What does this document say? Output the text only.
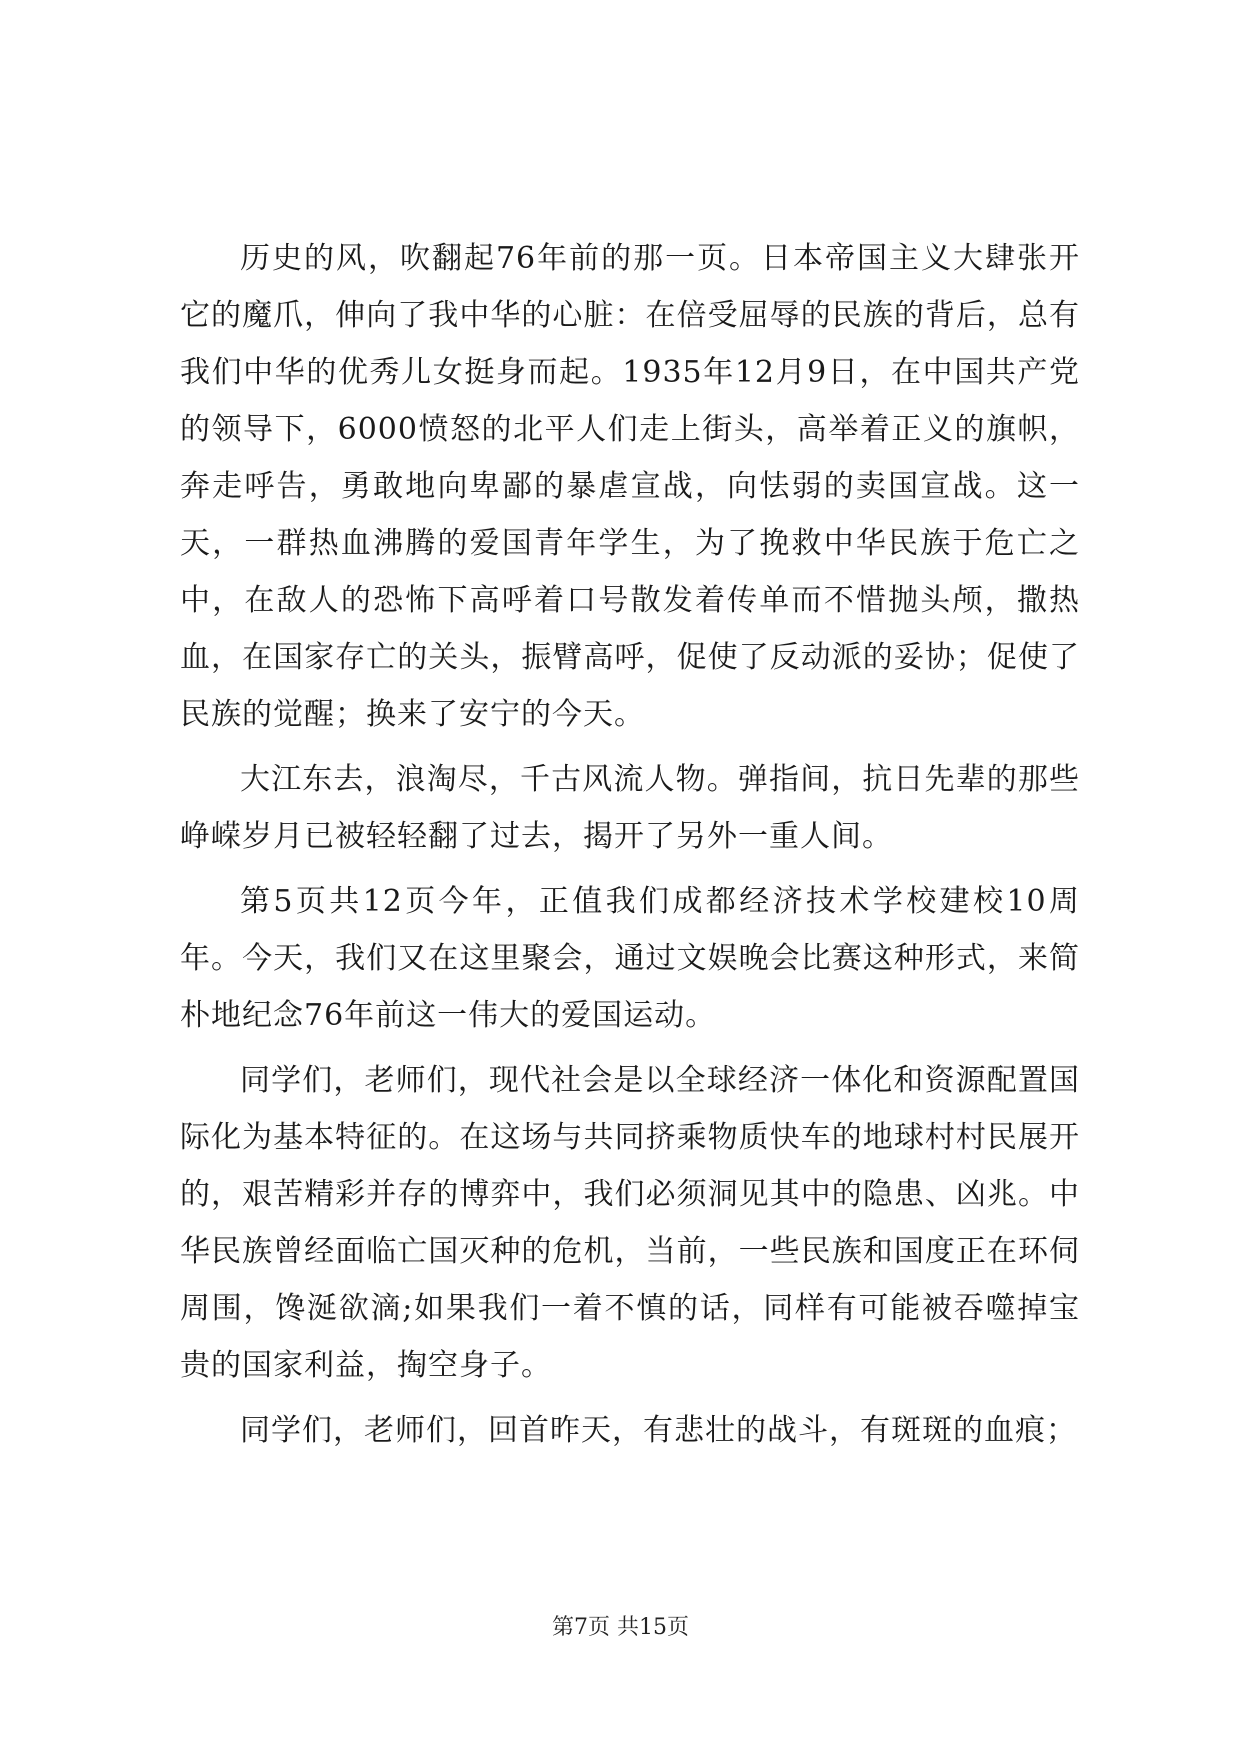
历史的风，吹翻起76年前的那一页。日本帝国主义大肆张开它的魔爪，伸向了我中华的心脏：在倍受屈辱的民族的背后，总有我们中华的优秀儿女挺身而起。1935年12月9日，在中国共产党的领导下，6000愤怒的北平人们走上街头，高举着正义的旗帜，奔走呼告，勇敢地向卑鄙的暴虐宣战，向怯弱的卖国宣战。这一天，一群热血沸腾的爱国青年学生，为了挽救中华民族于危亡之中，在敌人的恐怖下高呼着口号散发着传单而不惜抛头颅，撒热血，在国家存亡的关头，振臂高呼，促使了反动派的妥协；促使了民族的觉醒；换来了安宁的今天。

大江东去，浪淘尽，千古风流人物。弹指间，抗日先辈的那些峥嵘岁月已被轻轻翻了过去，揭开了另外一重人间。

第5页共12页今年，正值我们成都经济技术学校建校10周年。今天，我们又在这里聚会，通过文娱晚会比赛这种形式，来简朴地纪念76年前这一伟大的爱国运动。

同学们，老师们，现代社会是以全球经济一体化和资源配置国际化为基本特征的。在这场与共同挤乘物质快车的地球村村民展开的，艰苦精彩并存的博弈中，我们必须洞见其中的隐患、凶兆。中华民族曾经面临亡国灭种的危机，当前，一些民族和国度正在环伺周围，馋涎欲滴;如果我们一着不慎的话，同样有可能被吞噬掉宝贵的国家利益，掏空身子。

同学们，老师们，回首昨天，有悲壮的战斗，有斑斑的血痕；

第7页 共15页
